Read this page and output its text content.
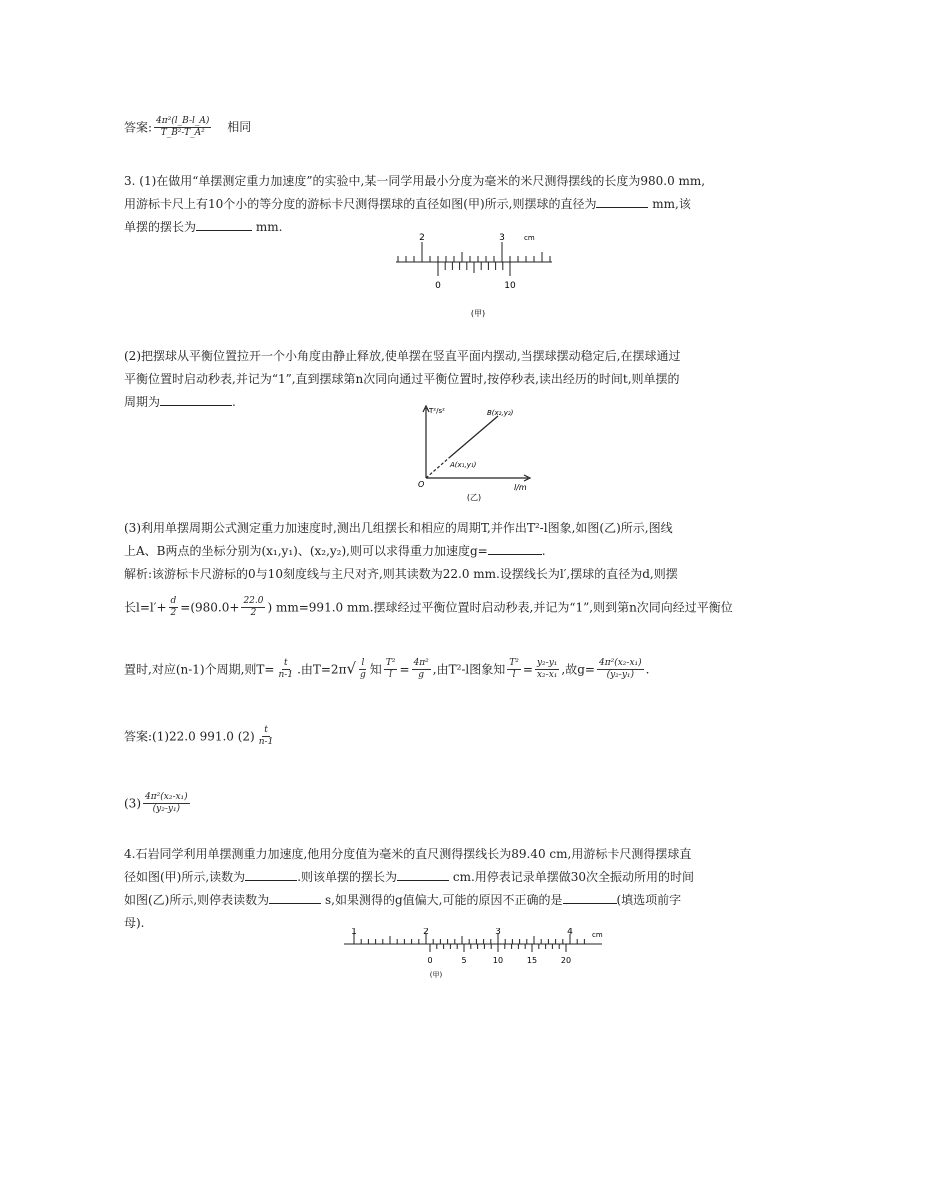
答案: $\frac{\text{4π²(l\_B-l\_A)}}{\text{T\_B²-T\_A²}}$ 相同
3. (1)在做用“单摆测定重力加速度”的实验中,某一同学用最小分度为毫米的米尺测得摆线的长度为980.0 mm,
用游标卡尺上有10个小的等分度的游标卡尺测得摆球的直径如图(甲)所示,则摆球的直径为	mm,该
单摆的摆长为	mm.
2	3	cm
0	10
(甲)
(2)把摆球从平衡位置拉开一个小角度由静止释放,使单摆在竖直平面内摆动,当摆球摆动稳定后,在摆球通过
平衡位置时启动秒表,并记为“1”,直到摆球第n次同向通过平衡位置时,按停秒表,读出经历的时间t,则单摆的
周期为	.
T²/s²
l/m
O
A(x₁,y₁)
B(x₂,y₂)
(乙)
(3)利用单摆周期公式测定重力加速度时,测出几组摆长和相应的周期T,并作出T²-l图象,如图(乙)所示,图线
上A、B两点的坐标分别为(x₁,y₁)、(x₂,y₂),则可以求得重力加速度g=	.
解析:该游标卡尺游标的0与10刻度线与主尺对齐,则其读数为22.0 mm.设摆线长为l′,摆球的直径为d,则摆
长$l=l'+ \frac{d}{2} =(980.0+ \frac{22.0}{2}$ ) mm=991.0 mm.摆球经过平衡位置时启动秒表,并记为“1”,则到第n次同向经过平衡位
置时,对应(n-1)个周期,则$T= \frac{t}{n-1}$ .由$T=2\pi√ \frac{l}{g}$ 知 $\frac{\text{T²}}{l} = \frac{\text{4π²}}{g}$ ,由T²-l图象知 $\frac{\text{T²}}{l} = \frac{\text{y₂-y₁}}{\text{x₂-x₁}}$ ,故$g= \frac{\text{4π²(x₂-x₁)}}{\text{(y₂-y₁)}}$ .
答案:(1)22.0 991.0 $(2) \frac{t}{n-1}$
$(3) \frac{\text{4π²(x₂-x₁)}}{\text{(y₂-y₁)}}$
4.石岩同学利用单摆测重力加速度,他用分度值为毫米的直尺测得摆线长为89.40 cm,用游标卡尺测得摆球直
径如图(甲)所示,读数为	.则该单摆的摆长为	cm.用停表记录单摆做30次全振动所用的时间
如图(乙)所示,则停表读数为	s,如果测得的g值偏大,可能的原因不正确的是	(填选项前字
母).
1	2	3	4	cm
0	5	10	15	20
(甲)
